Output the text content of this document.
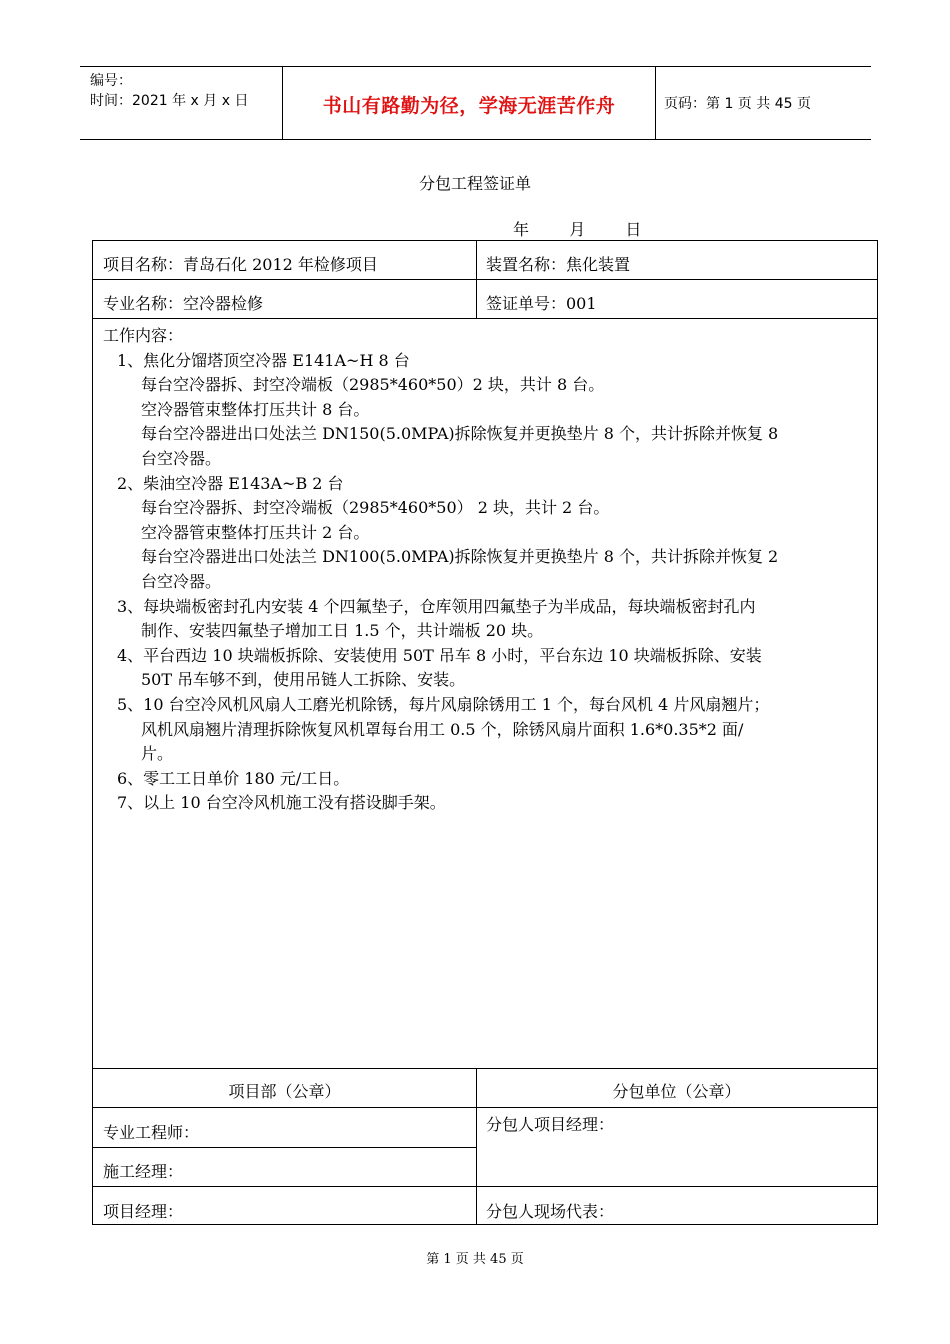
编号：
时间：2021 年 x 月 x 日	书山有路勤为径，学海无涯苦作舟	页码：第 1 页 共 45 页
分包工程签证单
年	月	日
项目名称：青岛石化 2012 年检修项目	装置名称：焦化装置
专业名称：空冷器检修	签证单号：001
工作内容：
1、焦化分馏塔顶空冷器 E141A~H 8 台
每台空冷器拆、封空冷端板（2985*460*50）2 块，共计 8 台。
空冷器管束整体打压共计 8 台。
每台空冷器进出口处法兰 DN150(5.0MPA)拆除恢复并更换垫片 8 个，共计拆除并恢复 8
台空冷器。
2、柴油空冷器 E143A~B 2 台
每台空冷器拆、封空冷端板（2985*460*50） 2 块，共计 2 台。
空冷器管束整体打压共计 2 台。
每台空冷器进出口处法兰 DN100(5.0MPA)拆除恢复并更换垫片 8 个，共计拆除并恢复 2
台空冷器。
3、每块端板密封孔内安装 4 个四氟垫子，仓库领用四氟垫子为半成品，每块端板密封孔内
制作、安装四氟垫子增加工日 1.5 个，共计端板 20 块。
4、平台西边 10 块端板拆除、安装使用 50T 吊车 8 小时，平台东边 10 块端板拆除、安装
50T 吊车够不到，使用吊链人工拆除、安装。
5、10 台空冷风机风扇人工磨光机除锈，每片风扇除锈用工 1 个，每台风机 4 片风扇翘片；
风机风扇翘片清理拆除恢复风机罩每台用工 0.5 个，除锈风扇片面积 1.6*0.35*2 面/
片。
6、零工工日单价 180 元/工日。
7、以上 10 台空冷风机施工没有搭设脚手架。
项目部（公章）	分包单位（公章）
专业工程师：
施工经理：
项目经理：
分包人项目经理：
分包人现场代表：
第 1 页 共 45 页
